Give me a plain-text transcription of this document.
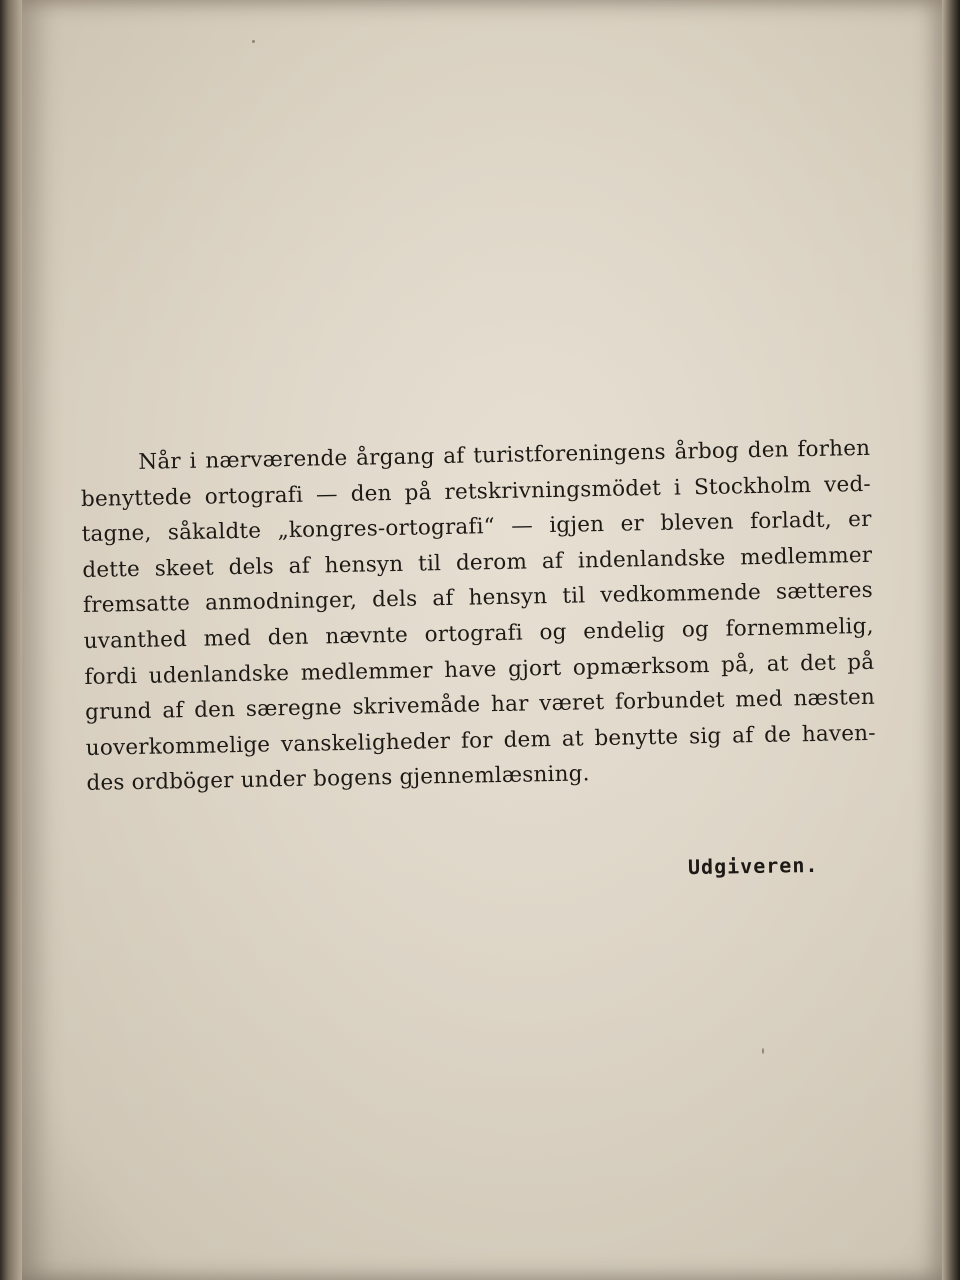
Når i nærværende årgang af turistforeningens årbog den forhen
benyttede ortografi — den på retskrivningsmödet i Stockholm ved-
tagne, såkaldte „kongres-ortografi“ — igjen er bleven forladt, er
dette skeet dels af hensyn til derom af indenlandske medlemmer
fremsatte anmodninger, dels af hensyn til vedkommende sætteres
uvanthed med den nævnte ortografi og endelig og fornemmelig,
fordi udenlandske medlemmer have gjort opmærksom på, at det på
grund af den særegne skrivemåde har været forbundet med næsten
uoverkommelige vanskeligheder for dem at benytte sig af de haven-
des ordböger under bogens gjennemlæsning.
Udgiveren.
